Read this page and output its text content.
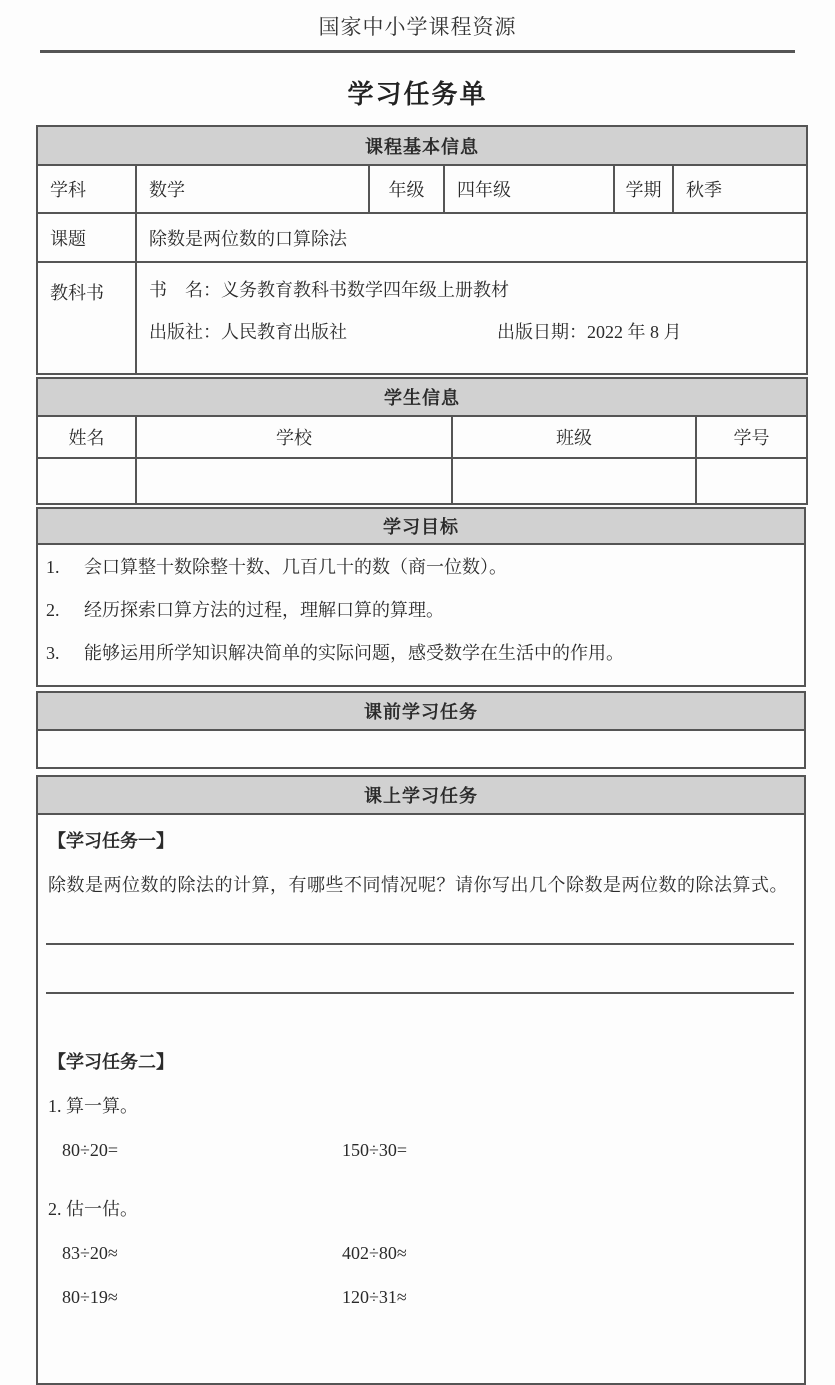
国家中小学课程资源
学习任务单
课程基本信息					
学科	数学	年级	四年级	学期	秋季
课题	除数是两位数的口算除法				
教科书	书　名：义务教育教科书数学四年级上册教材
出版社：人民教育出版社 出版日期：2022 年 8 月				
学生信息			
姓名	学校	班级	学号

学习目标

1. 会口算整十数除整十数、几百几十的数（商一位数）。
2. 经历探索口算方法的过程，理解口算的算理。
3. 能够运用所学知识解决简单的实际问题，感受数学在生活中的作用。
课前学习任务

课上学习任务

【学习任务一】
除数是两位数的除法的计算，有哪些不同情况呢？请你写出几个除数是两位数的除法算式。
【学习任务二】
1. 算一算。
80÷20=	150÷30=
2. 估一估。
83÷20≈	402÷80≈
80÷19≈	120÷31≈
